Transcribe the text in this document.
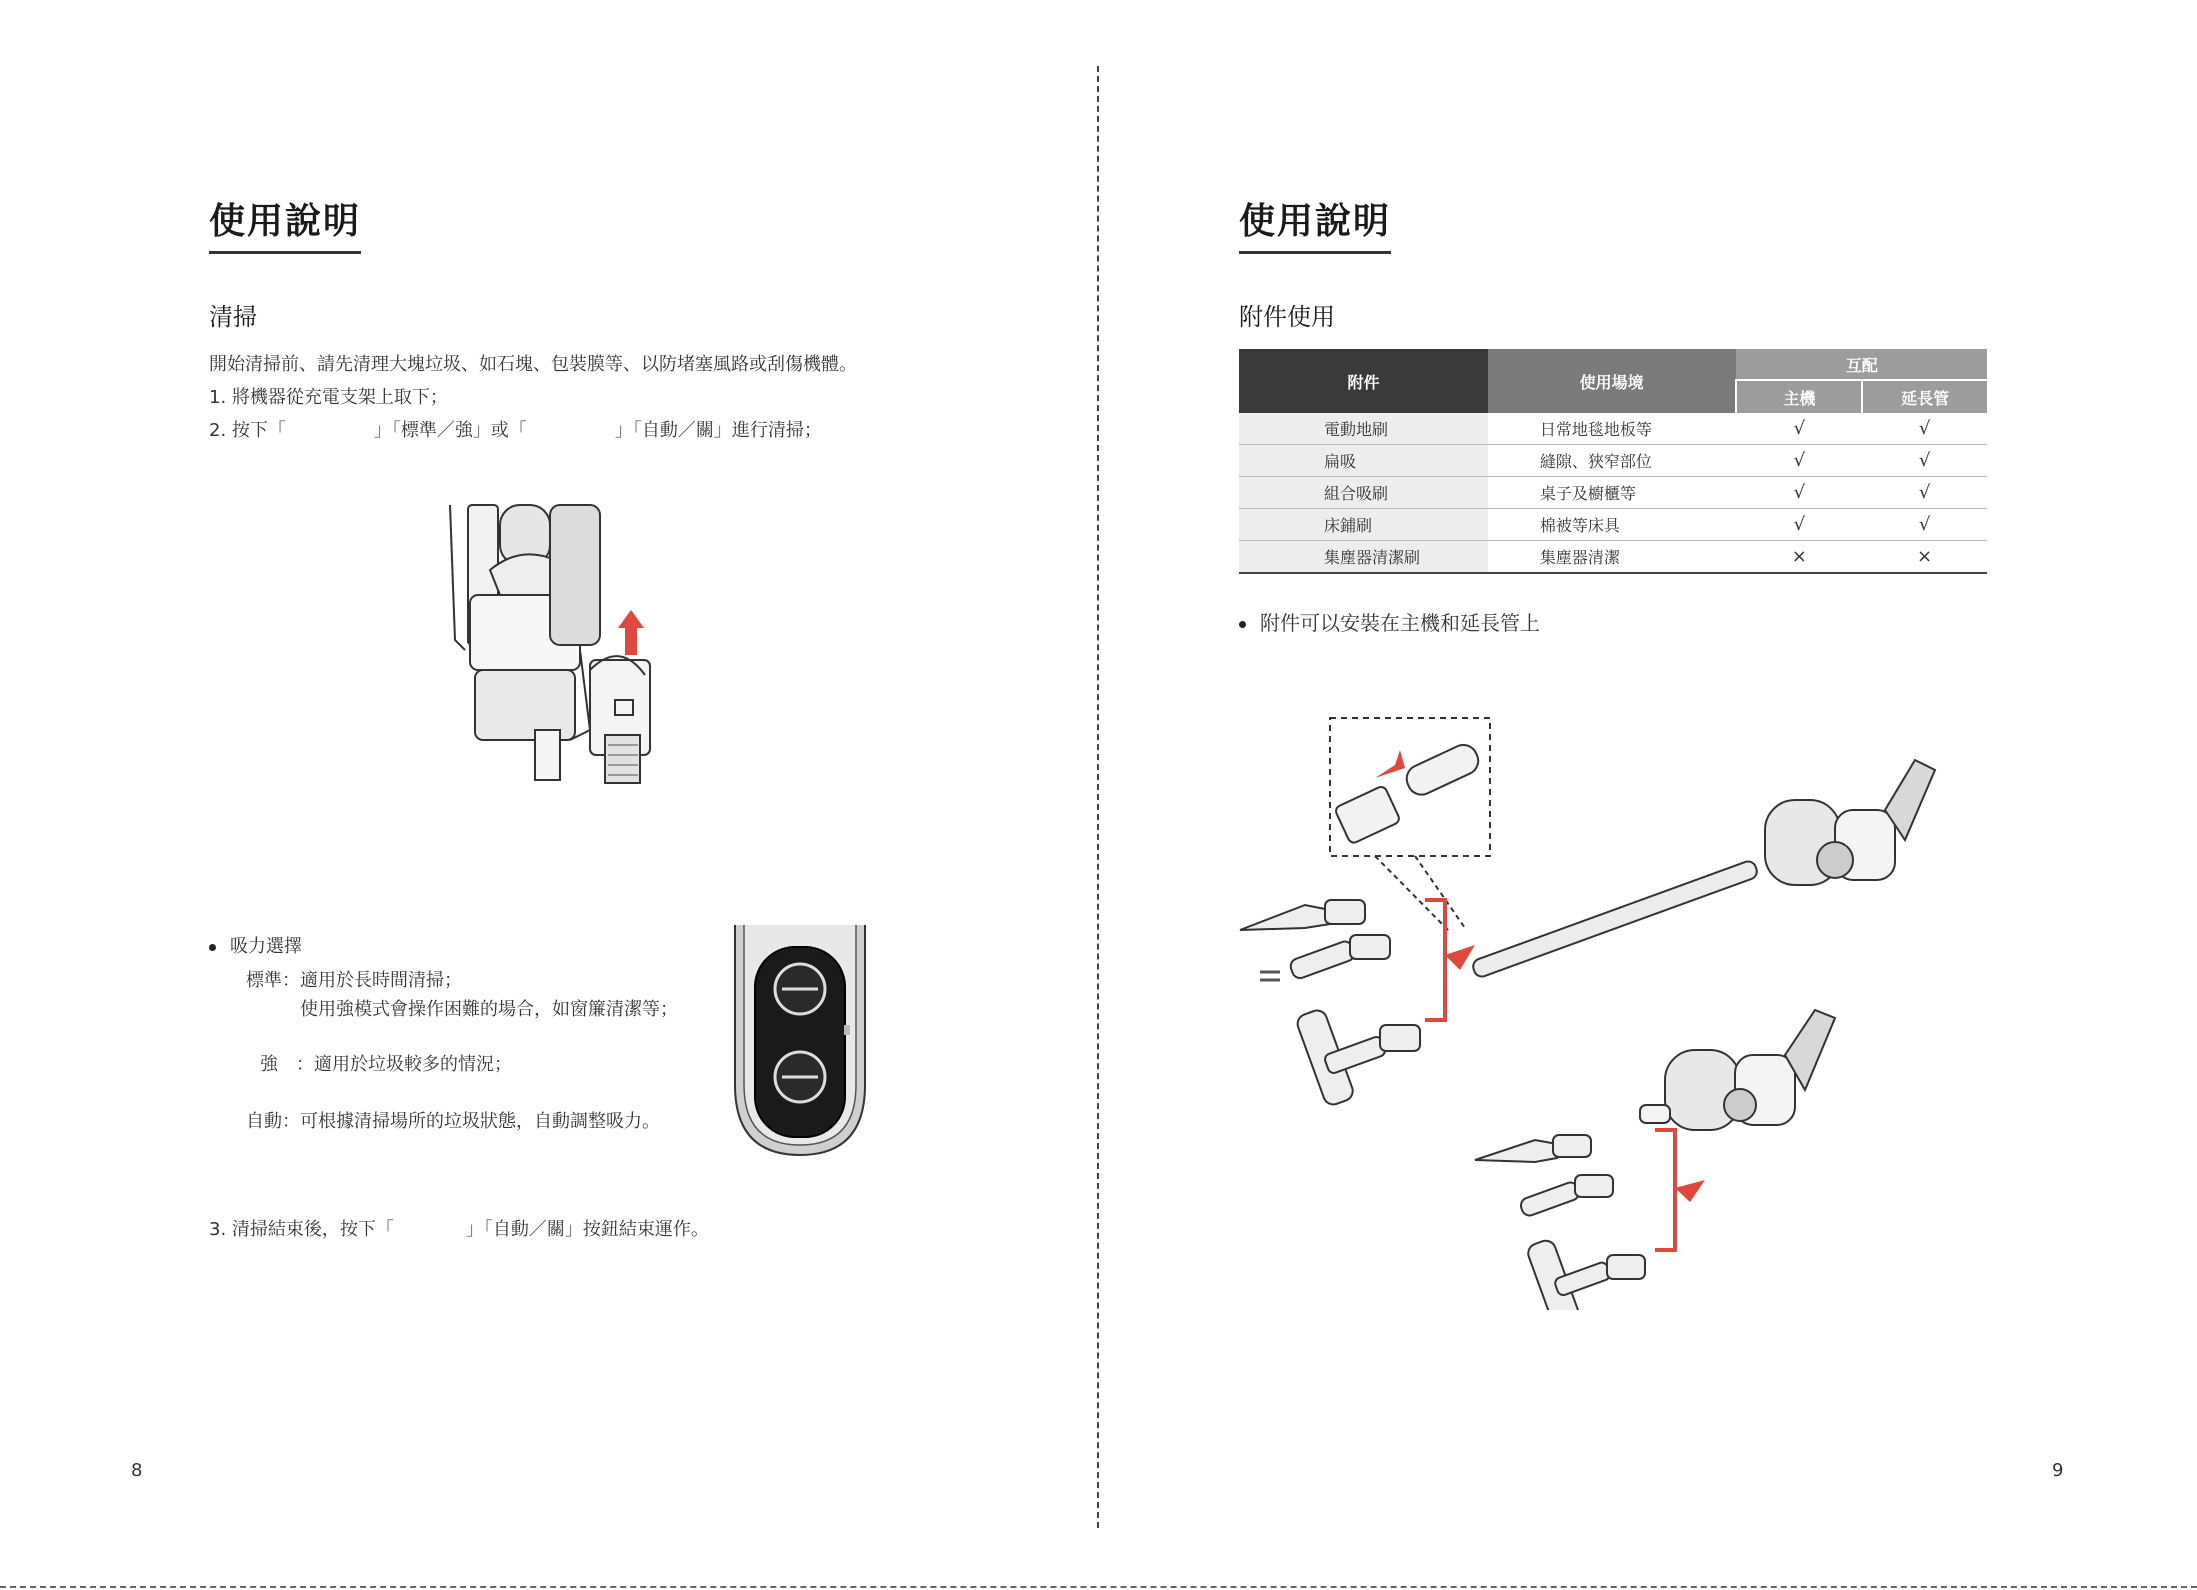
使用說明
清掃
開始清掃前、請先清理大塊垃圾、如石塊、包裝膜等、以防堵塞風路或刮傷機體。
1. 將機器從充電支架上取下；
2. 按下「	」「標準／強」或「	」「自動／關」進行清掃；
吸力選擇
標準：適用於長時間清掃；
使用強模式會操作困難的場合，如窗簾清潔等；
強　：適用於垃圾較多的情況；
自動：可根據清掃場所的垃圾狀態，自動調整吸力。
3. 清掃結束後，按下「	」「自動／關」按鈕結束運作。
8
使用說明
附件使用
附件	使用場境	互配	
		主機	延長管
電動地刷	日常地毯地板等	√	√
扁吸	縫隙、狹窄部位	√	√
組合吸刷	桌子及櫥櫃等	√	√
床鋪刷	棉被等床具	√	√
集塵器清潔刷	集塵器清潔	×	×
附件可以安裝在主機和延長管上
9
